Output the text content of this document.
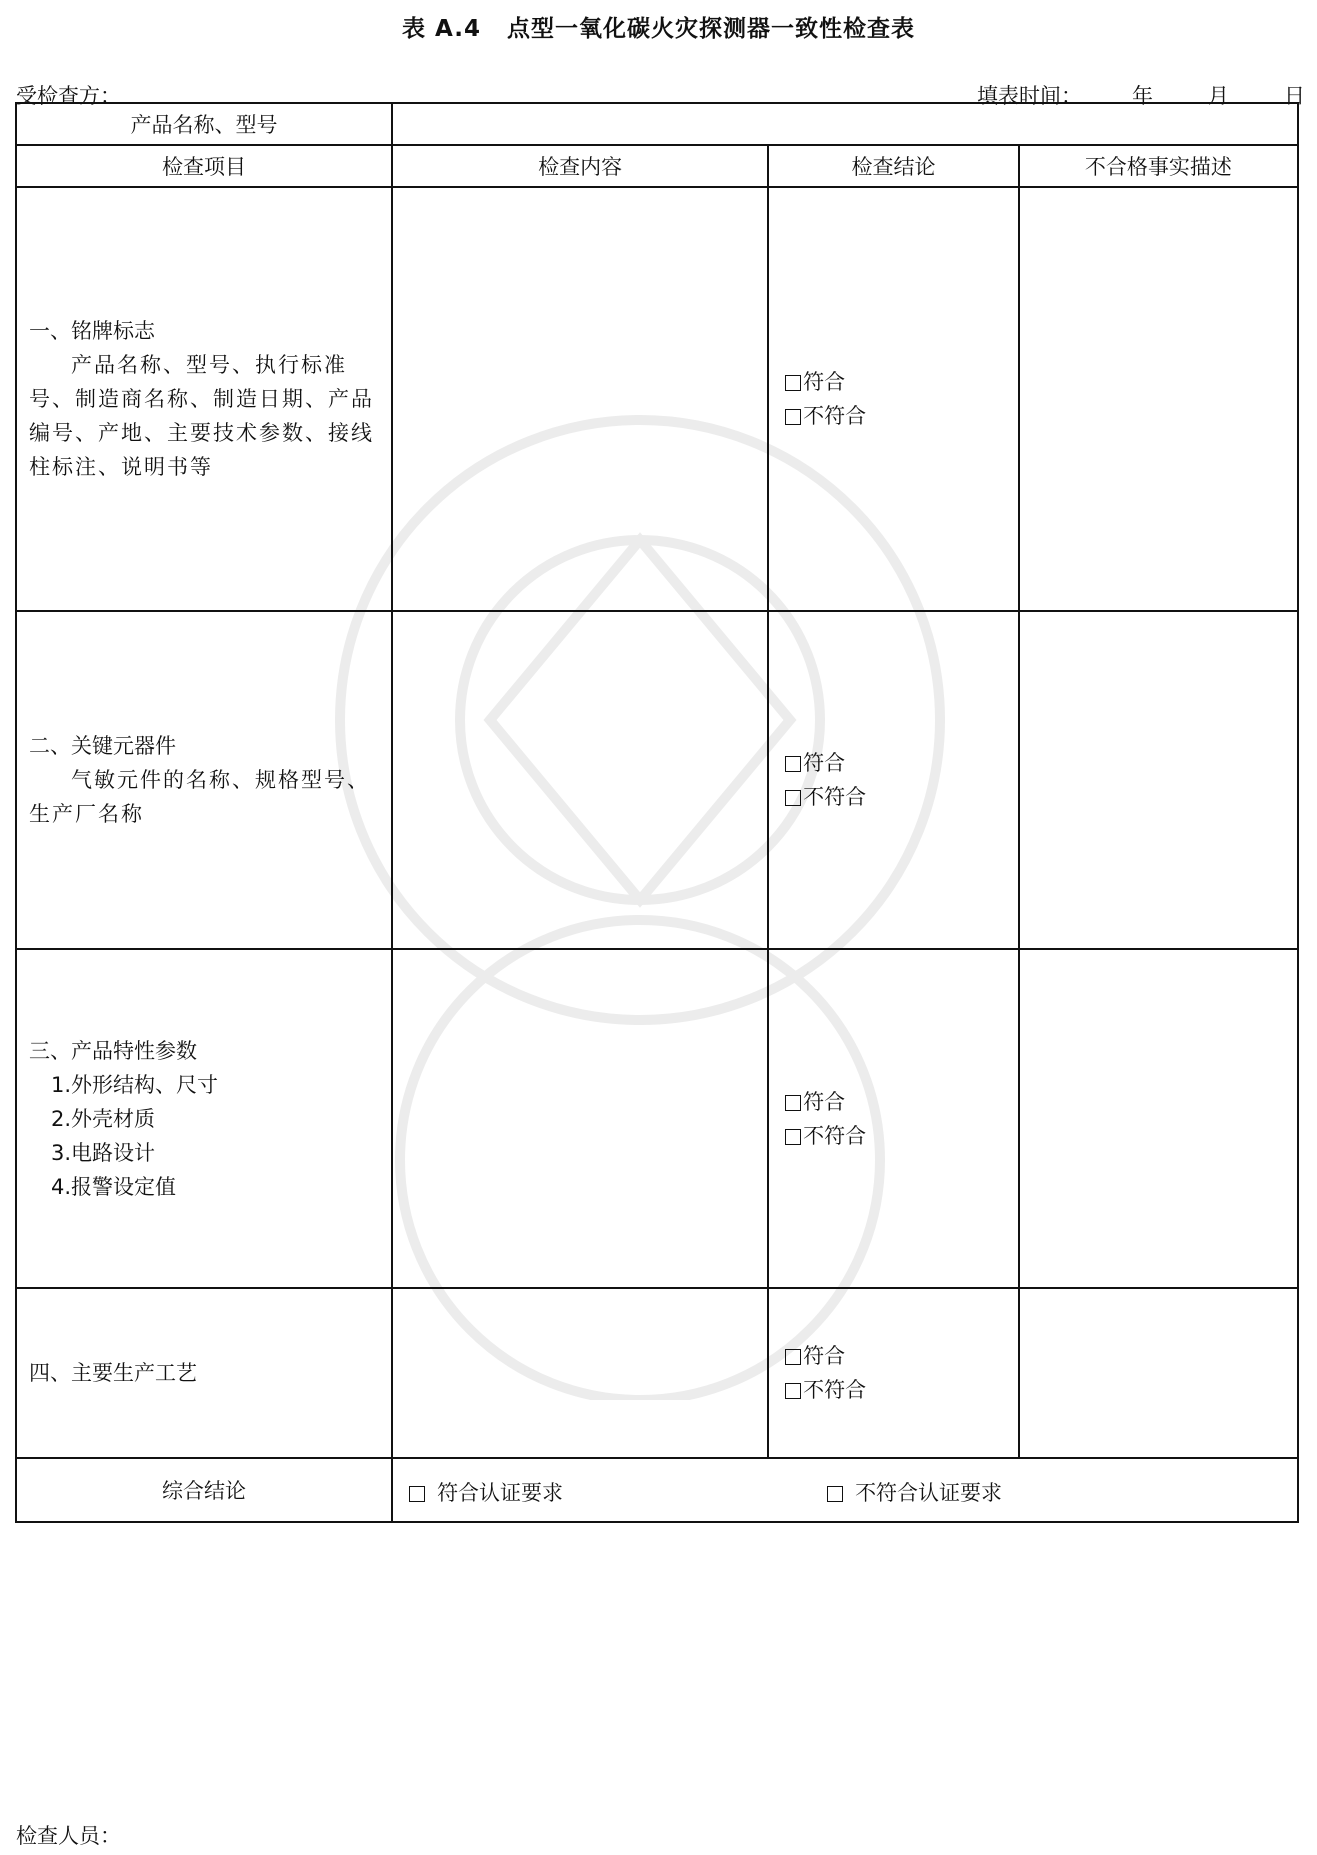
表 A.4 点型一氧化碳火灾探测器一致性检查表
受检查方：	填表时间： 年	月	日
产品名称、型号			
检查项目	检查内容	检查结论	不合格事实描述

一、铭牌标志
产品名称、型号、执行标准号、制造商名称、制造日期、产品编号、产地、主要技术参数、接线柱标注、说明书等		符合
不符合	

二、关键元器件
气敏元件的名称、规格型号、生产厂名称		符合
不符合	

三、产品特性参数
1.外形结构、尺寸
2.外壳材质
3.电路设计
4.报警设定值		符合
不符合	

四、主要生产工艺		符合
不符合	

综合结论	符合认证要求 不符合认证要求		
检查人员：
